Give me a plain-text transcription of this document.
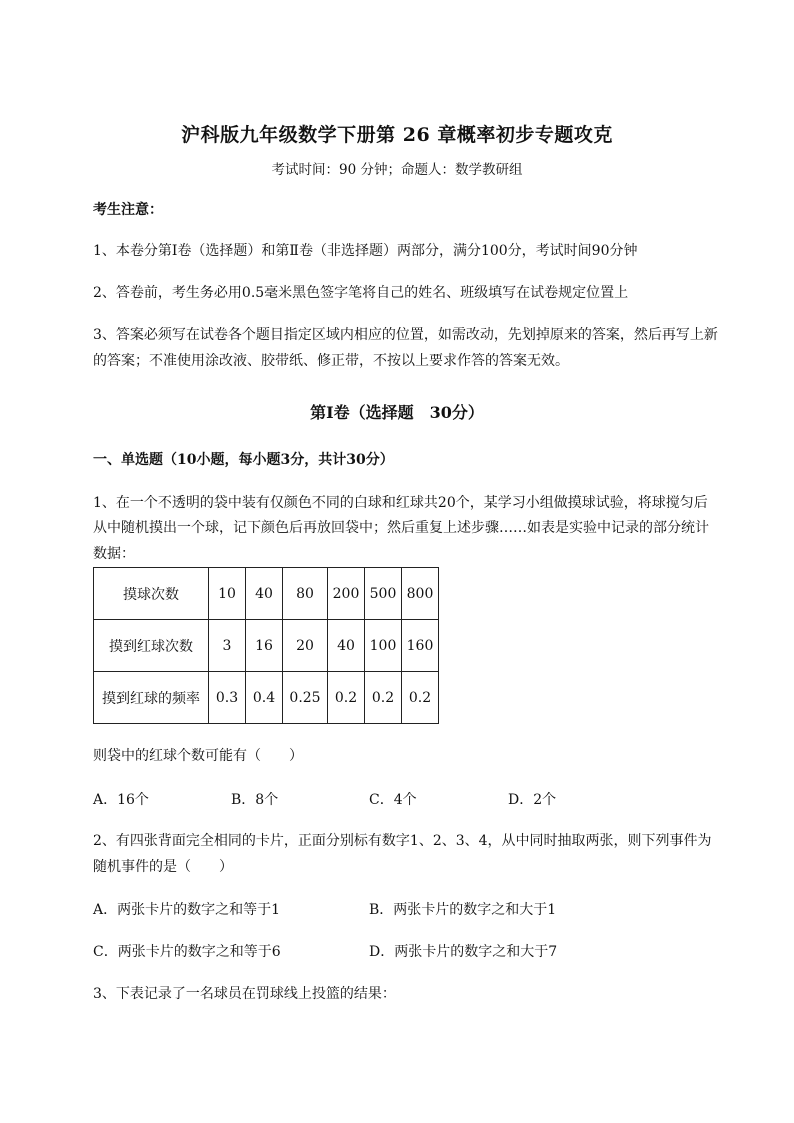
沪科版九年级数学下册第 26 章概率初步专题攻克
考试时间：90 分钟；命题人：数学教研组
考生注意：
1、本卷分第Ⅰ卷（选择题）和第Ⅱ卷（非选择题）两部分，满分100分，考试时间90分钟
2、答卷前，考生务必用0.5毫米黑色签字笔将自己的姓名、班级填写在试卷规定位置上
3、答案必须写在试卷各个题目指定区域内相应的位置，如需改动，先划掉原来的答案，然后再写上新
的答案；不准使用涂改液、胶带纸、修正带，不按以上要求作答的答案无效。
第Ⅰ卷（选择题　30分）
一、单选题（10小题，每小题3分，共计30分）
1、在一个不透明的袋中装有仅颜色不同的白球和红球共20个，某学习小组做摸球试验，将球搅匀后
从中随机摸出一个球，记下颜色后再放回袋中；然后重复上述步骤……如表是实验中记录的部分统计
数据：
摸球次数	10	40	80	200	500	800
摸到红球次数	3	16	20	40	100	160
摸到红球的频率	0.3	0.4	0.25	0.2	0.2	0.2
则袋中的红球个数可能有（　　）
A．16个	B．8个	C．4个	D．2个
2、有四张背面完全相同的卡片，正面分别标有数字1、2、3、4，从中同时抽取两张，则下列事件为
随机事件的是（　　）
A．两张卡片的数字之和等于1	B．两张卡片的数字之和大于1
C．两张卡片的数字之和等于6	D．两张卡片的数字之和大于7
3、下表记录了一名球员在罚球线上投篮的结果：
